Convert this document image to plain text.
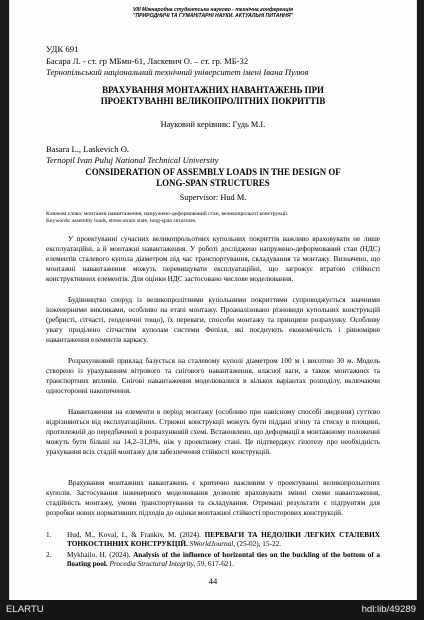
VIII Міжнародна студентська науково - технічна конференція
"ПРИРОДНИЧІ ТА ГУМАНІТАРНІ НАУКИ. АКТУАЛЬНІ ПИТАННЯ"
УДК 691
Басара Л. - ст. гр МБмн-61, Ласкевич О. – ст. гр. МБ-32
Тернопільський національний технічний університет імені Івана Пулюя
ВРАХУВАННЯ МОНТАЖНИХ НАВАНТАЖЕНЬ ПРИ
ПРОЕКТУВАННІ ВЕЛИКОПРОЛІТНИХ ПОКРИТТІВ
Науковий керівник: Гудь М.І.
Basara L., Laskevich O.
Ternopil Ivan Puluj National Technical University
CONSIDERATION OF ASSEMBLY LOADS IN THE DESIGN OF
LONG-SPAN STRUCTURES
Supervisor: Hud M.
Ключові слова: монтажні навантаження, напружено-деформований стан, великопрольоті конструкції.
Keywords: assembly loads, stress-strain state, long-span structures.
У проектуванні сучасних великопрольотних купольних покриттів важливо враховувати не лише експлуатаційні, а й монтажні навантаження. У роботі досліджено напружено-деформований стан (НДС) елементів сталевого купола діаметром під час транспортування, складування та монтажу. Визначено, що монтажні навантаження можуть перевищувати експлуатаційні, що загрожує втратою стійкості конструктивних елементів. Для оцінки НДС застосовано числове моделювання.
Будівництво споруд із великопролітними купольними покриттями супроводжується значними інженерними викликами, особливо на етапі монтажу. Проаналізовано різновиди купольних конструкцій (ребристі, сітчасті, геодезичні тощо), їх переваги, способи монтажу та принципи розрахунку. Особливу увагу приділено сітчастим куполам системи Фепіля, які поєднують економічність і рівномірне навантаження елементів каркасу.
Розрахунковий приклад базується на сталевому куполі діаметром 100 м і висотою 30 м. Модель створено із урахуванням вітрового та снігового навантаження, власної ваги, а також монтажних та транспортних впливів. Снігові навантаження моделювалися в кількох варіантах розподілу, включаючи односторонні накопичення.
Навантаження на елементи в період монтажу (особливо при навісному способі зведення) суттєво відрізняються від експлуатаційних. Стрижні конструкції можуть бути піддані згину та стиску в площині, протилежній до передбаченої в розрахунковій схемі. Встановлено, що деформації в монтажному положенні можуть бути більші на 14,2–31,8%, ніж у проектному стані. Це підтверджує гіпотезу про необхідність урахування всіх стадій монтажу для забезпечення стійкості конструкцій.
Врахування монтажних навантажень є критично важливим у проектуванні великопрольотних куполів. Застосування інженерного моделювання дозволяє враховувати змінні схеми навантаження, стадійність монтажу, умови транспортування та складування. Отримані результати є підґрунтям для розробки нових нормативних підходів до оцінки монтажної стійкості просторових конструкцій.
1. Hud, M., Koval, I., & Frankiv, M. (2024). ПЕРЕВАГИ ТА НЕДОЛІКИ ЛЕГКИХ СТАЛЕВИХ ТОНКОСТІННИХ КОНСТРУКЦІЙ. SWorldJournal, (25-02), 15-22.
2. Mykhailo, H. (2024). Analysis of the influence of horizontal ties on the buckling of the bottom of a floating pool. Procedia Structural Integrity, 59, 617-621.
44
ELARTU	hdl:lib/49289
